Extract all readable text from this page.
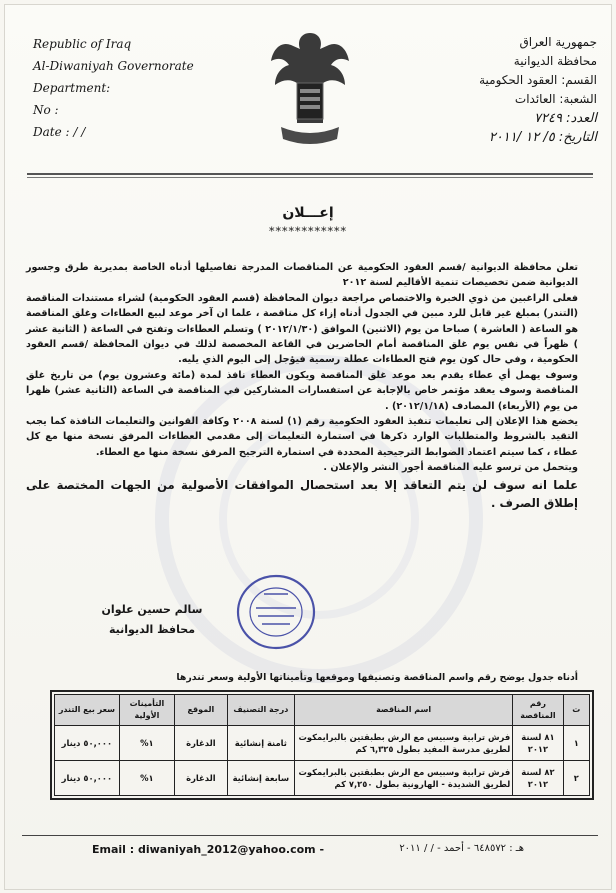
Republic of Iraq
Al-Diwaniyah Governorate
Department:
No :
Date : / /
جمهورية العراق
محافظة الديوانية
القسم: العقود الحكومية
الشعبة: العائدات
العدد: ٧٢٤٩
التاريخ: ٥/ ١٢ /٢٠١١
إعـــلان
************

تعلن محافظة الديوانية /قسم العقود الحكومية عن المناقصات المدرجة تفاصيلها أدناه الخاصة بمديرية طرق وجسور الديوانية ضمن تخصيصات تنمية الأقاليم لسنة ٢٠١٢

فعلى الراغبين من ذوي الخبرة والاختصاص مراجعة ديوان المحافظة (قسم العقود الحكومية) لشراء مستندات المناقصة (التندر) بمبلغ غير قابل للرد مبين في الجدول أدناه إزاء كل مناقصة ، علما ان آخر موعد لبيع العطاءات وغلق المناقصة هو الساعة ( العاشرة ) صباحا من يوم (الاثنين) الموافق (٢٠١٢/١/٣٠ ) وتسلم العطاءات وتفتح في الساعة ( الثانية عشر ) ظهراً في نفس يوم غلق المناقصة أمام الحاضرين في القاعة المخصصة لذلك في ديوان المحافظة /قسم العقود الحكومية ، وفي حال كون يوم فتح العطاءات عطلة رسمية فيؤجل إلى اليوم الذي يليه.

وسوف يهمل أي عطاء يقدم بعد موعد غلق المناقصة ويكون العطاء نافذ لمدة (مائة وعشرون يوم) من تاريخ غلق المناقصة وسوف يعقد مؤتمر خاص بالإجابة عن استفسارات المشاركين في المناقصة في الساعة (الثانية عشر) ظهرا من يوم (الأربعاء) المصادف (٢٠١٢/١/١٨) .

يخضع هذا الإعلان إلى تعليمات تنفيذ العقود الحكومية رقم (١) لسنة ٢٠٠٨ وكافة القوانين والتعليمات النافذة كما يجب التقيد بالشروط والمتطلبات الوارد ذكرها في استمارة التعليمات إلى مقدمي العطاءات المرفق نسخة منها مع كل عطاء ، كما سيتم اعتماد الضوابط الترجيحية المحددة في استمارة الترجيح المرفق نسخة منها مع العطاء.

ويتحمل من ترسو عليه المناقصة أجور النشر والإعلان .

علما انه سوف لن يتم التعاقد إلا بعد استحصال الموافقات الأصولية من الجهات المختصة على إطلاق الصرف .

سالم حسين علوان
محافظ الديوانية
أدناه جدول يوضح رقم واسم المناقصة وتصنيفها وموقعها وتأميناتها الأولية وسعر تندرها
ت	رقم المناقصة	اسم المناقصة	درجة التصنيف	الموقع	التأمينات الأولية	سعر بيع التندر
١	٨١ لسنة ٢٠١٢	فرش ترابية وسبيس مع الرش بطبقتين بالبرايمكوت لطريق مدرسة المفيد بطول ٦,٣٢٥ كم	ثامنة إنشائية	الدغارة	١%	٥٠,٠٠٠ دينار
٢	٨٢ لسنة ٢٠١٢	فرش ترابية وسبيس مع الرش بطبقتين بالبرايمكوت لطريق الشديدة - الهارونية بطول ٧,٢٥٠ كم	سابعة إنشائية	الدغارة	١%	٥٠,٠٠٠ دينار
Email : diwaniyah_2012@yahoo.com -	هـ : ٦٤٨٥٧٢ - أحمد - / / ٢٠١١
